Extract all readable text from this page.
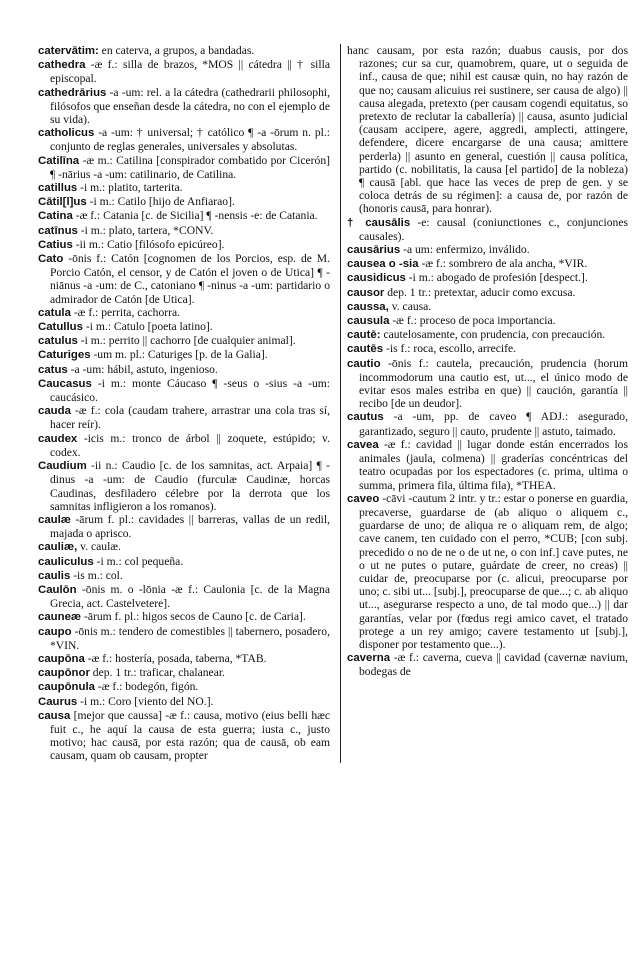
catervātim: en caterva, a grupos, a bandadas.

cathedra -æ f.: silla de brazos, *MOS || cátedra || † silla episcopal.

cathedrārius -a -um: rel. a la cátedra (cathedrarii philosophi, filósofos que enseñan desde la cátedra, no con el ejemplo de su vida).

catholicus -a -um: † universal; † católico ¶ -a -ōrum n. pl.: conjunto de reglas generales, universales y absolutas.

Catilīna -æ m.: Catilina [conspirador combatido por Cicerón] ¶ -nārius -a -um: catilinario, de Catilina.

catillus -i m.: platito, tarterita.

Cātil[l]us -i m.: Catilo [hijo de Anfiarao].

Catina -æ f.: Catania [c. de Sicilia] ¶ -nensis -e: de Catania.

catīnus -i m.: plato, tartera, *CONV.

Catius -ii m.: Catio [filósofo epicúreo].

Cato -ōnis f.: Catón [cognomen de los Porcios, esp. de M. Porcio Catón, el censor, y de Catón el joven o de Utica] ¶ -niānus -a -um: de C., catoniano ¶ -ninus -a -um: partidario o admirador de Catón [de Utica].

catula -æ f.: perrita, cachorra.

Catullus -i m.: Catulo [poeta latino].

catulus -i m.: perrito || cachorro [de cualquier animal].

Caturiges -um m. pl.: Caturiges [p. de la Galia].

catus -a -um: hábil, astuto, ingenioso.

Caucasus -i m.: monte Cáucaso ¶ -seus o -sius -a -um: caucásico.

cauda -æ f.: cola (caudam trahere, arrastrar una cola tras sí, hacer reír).

caudex -icis m.: tronco de árbol || zoquete, estúpido; v. codex.

Caudium -ii n.: Caudio [c. de los samnitas, act. Arpaia] ¶ -dinus -a -um: de Caudio (furculæ Caudinæ, horcas Caudinas, desfiladero célebre por la derrota que los samnitas infligieron a los romanos).

caulæ -ārum f. pl.: cavidades || barreras, vallas de un redil, majada o aprisco.

cauliæ, v. caulæ.

cauliculus -i m.: col pequeña.

caulis -is m.: col.

Caulōn -ōnis m. o -lōnia -æ f.: Caulonia [c. de la Magna Grecia, act. Castelvetere].

cauneæ -ārum f. pl.: higos secos de Cauno [c. de Caria].

caupo -ōnis m.: tendero de comestibles || tabernero, posadero, *VIN.

caupōna -æ f.: hostería, posada, taberna, *TAB.

caupōnor dep. 1 tr.: traficar, chalanear.

caupōnula -æ f.: bodegón, figón.

Caurus -i m.: Coro [viento del NO.].

causa [mejor que caussa] -æ f.: causa, motivo (eius belli hæc fuit c., he aquí la causa de esta guerra; iusta c., justo motivo; hac causā, por esta razón; qua de causā, ob eam causam, quam ob causam, propter

hanc causam, por esta razón; duabus causis, por dos razones; cur sa cur, quamobrem, quare, ut o seguida de inf., causa de que; nihil est causæ quin, no hay razón de que no; causam alicuius rei sustinere, ser causa de algo) || causa alegada, pretexto (per causam cogendi equitatus, so pretexto de reclutar la caballería) || causa, asunto judicial (causam accipere, agere, aggredi, amplecti, attingere, defendere, dicere encargarse de una causa; amittere perderla) || asunto en general, cuestión || causa política, partido (c. nobilitatis, la causa [el partido] de la nobleza) ¶ causā [abl. que hace las veces de prep de gen. y se coloca detrás de su régimen]: a causa de, por razón de (honoris causā, para honrar).

† causālis -e: causal (coniunctiones c., conjunciones causales).

causārius -a um: enfermizo, inválido.

causea o -sia -æ f.: sombrero de ala ancha, *VIR.

causidicus -i m.: abogado de profesión [despect.].

causor dep. 1 tr.: pretextar, aducir como excusa.

caussa, v. causa.

causula -æ f.: proceso de poca importancia.

cautē: cautelosamente, con prudencia, con precaución.

cautēs -is f.: roca, escollo, arrecife.

cautio -ōnis f.: cautela, precaución, prudencia (horum incommodorum una cautio est, ut..., el único modo de evitar esos males estriba en que) || caución, garantía || recibo [de un deudor].

cautus -a -um, pp. de caveo ¶ ADJ.: asegurado, garantizado, seguro || cauto, prudente || astuto, taimado.

cavea -æ f.: cavidad || lugar donde están encerrados los animales (jaula, colmena) || graderías concéntricas del teatro ocupadas por los espectadores (c. prima, ultima o summa, primera fila, última fila), *THEA.

caveo -cāvi -cautum 2 intr. y tr.: estar o ponerse en guardia, precaverse, guardarse de (ab aliquo o aliquem c., guardarse de uno; de aliqua re o aliquam rem, de algo; cave canem, ten cuidado con el perro, *CUB; [con subj. precedido o no de ne o de ut ne, o con inf.] cave putes, ne o ut ne putes o putare, guárdate de creer, no creas) || cuidar de, preocuparse por (c. alicui, preocuparse por uno; c. sibi ut... [subj.], preocuparse de que...; c. ab aliquo ut..., asegurarse respecto a uno, de tal modo que...) || dar garantías, velar por (fœdus regi amico cavet, el tratado protege a un rey amigo; cavere testamento ut [subj.], disponer por testamento que...).

caverna -æ f.: caverna, cueva || cavidad (cavernæ navium, bodegas de
